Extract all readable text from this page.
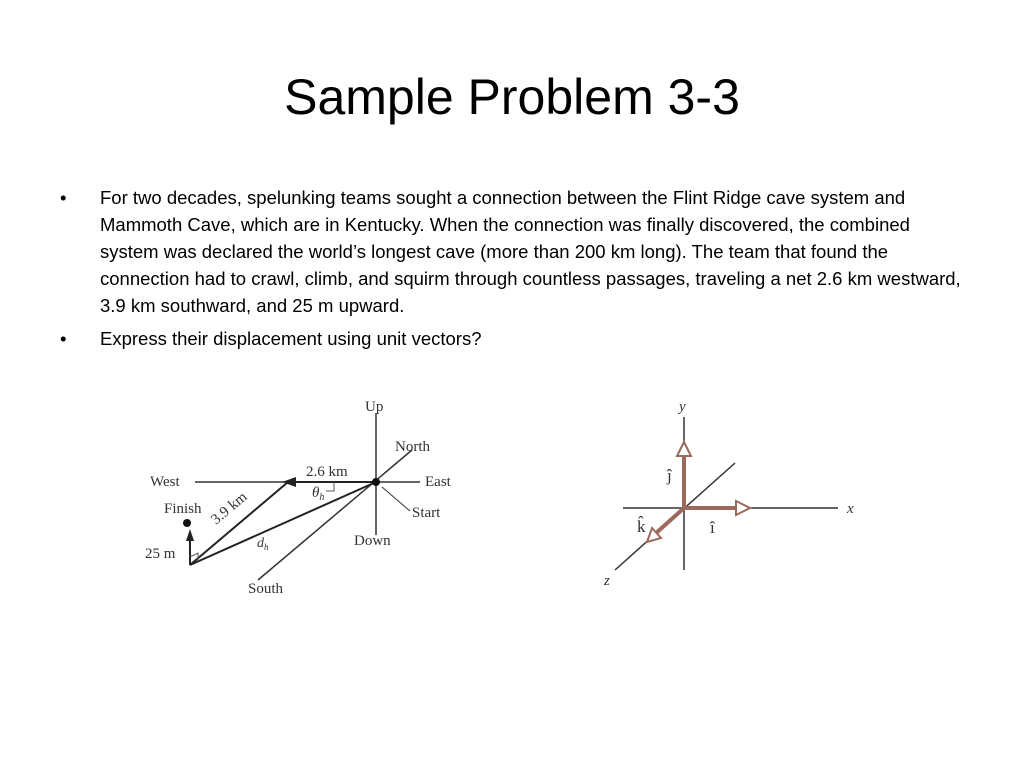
Sample Problem 3-3
• For two decades, spelunking teams sought a connection between the Flint Ridge cave system and Mammoth Cave, which are in Kentucky. When the connection was finally discovered, the combined system was declared the world’s longest cave (more than 200 km long). The team that found the connection had to crawl, climb, and squirm through countless passages, traveling a net 2.6 km westward, 3.9 km southward, and 25 m upward.
• Express their displacement using unit vectors?
Up
North
West	East
Finish	Start
Down
South
2.6 km
3.9 km
25 m
$\theta_h$
$d_h$
y
x
z
ĵ
î
k̂
